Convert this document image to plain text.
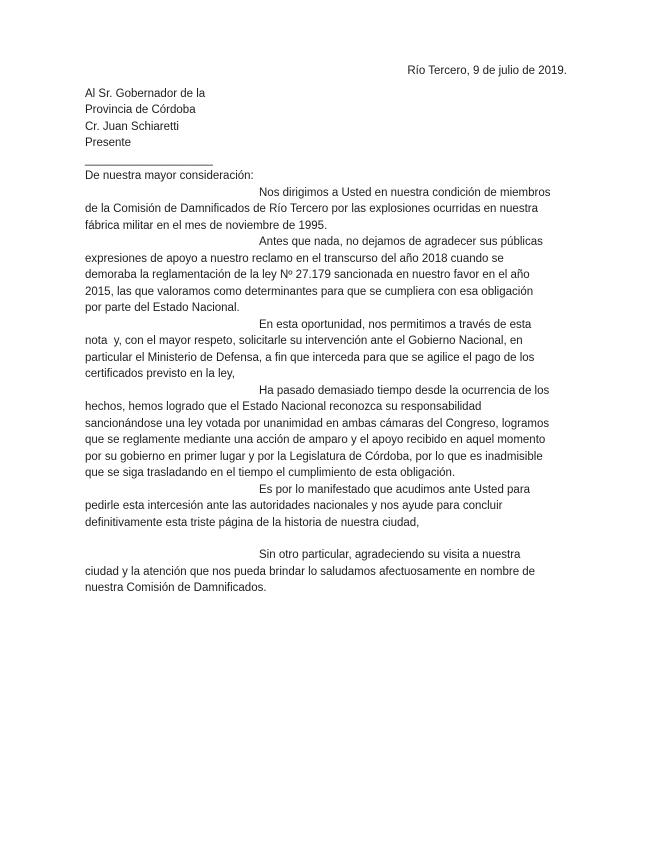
Río Tercero, 9 de julio de 2019.
Al Sr. Gobernador de la
Provincia de Córdoba
Cr. Juan Schiaretti
Presente
____________________
De nuestra mayor consideración:
Nos dirigimos a Usted en nuestra condición de miembros
de la Comisión de Damnificados de Río Tercero por las explosiones ocurridas en nuestra
fábrica militar en el mes de noviembre de 1995.
Antes que nada, no dejamos de agradecer sus públicas
expresiones de apoyo a nuestro reclamo en el transcurso del año 2018 cuando se
demoraba la reglamentación de la ley Nº 27.179 sancionada en nuestro favor en el año
2015, las que valoramos como determinantes para que se cumpliera con esa obligación
por parte del Estado Nacional.
En esta oportunidad, nos permitimos a través de esta
nota  y, con el mayor respeto, solicitarle su intervención ante el Gobierno Nacional, en
particular el Ministerio de Defensa, a fin que interceda para que se agilice el pago de los
certificados previsto en la ley,
Ha pasado demasiado tiempo desde la ocurrencia de los
hechos, hemos logrado que el Estado Nacional reconozca su responsabilidad
sancionándose una ley votada por unanimidad en ambas cámaras del Congreso, logramos
que se reglamente mediante una acción de amparo y el apoyo recibido en aquel momento
por su gobierno en primer lugar y por la Legislatura de Córdoba, por lo que es inadmisible
que se siga trasladando en el tiempo el cumplimiento de esta obligación.
Es por lo manifestado que acudimos ante Usted para
pedirle esta intercesión ante las autoridades nacionales y nos ayude para concluir
definitivamente esta triste página de la historia de nuestra ciudad,
Sin otro particular, agradeciendo su visita a nuestra
ciudad y la atención que nos pueda brindar lo saludamos afectuosamente en nombre de
nuestra Comisión de Damnificados.
